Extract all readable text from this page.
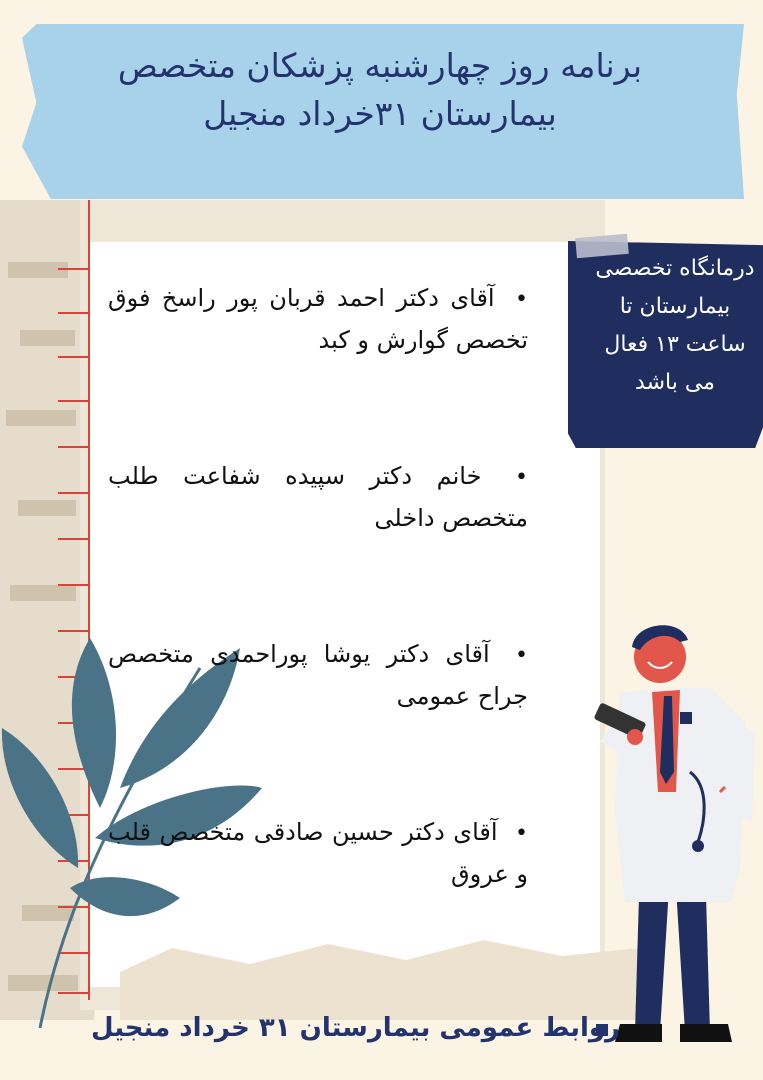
برنامه روز چهارشنبه پزشکان متخصص بیمارستان ۳۱خرداد منجیل
• آقای دکتر احمد قربان پور راسخ فوق تخصص گوارش و کبد
• خانم دکتر سپیده شفاعت طلب متخصص داخلی
• آقای دکتر یوشا پوراحمدی متخصص جراح عمومی
• آقای دکتر حسین صادقی متخصص قلب و عروق
درمانگاه تخصصی بیمارستان تا ساعت ۱۳ فعال می باشد
روابط عمومی بیمارستان ۳۱ خرداد منجیل
